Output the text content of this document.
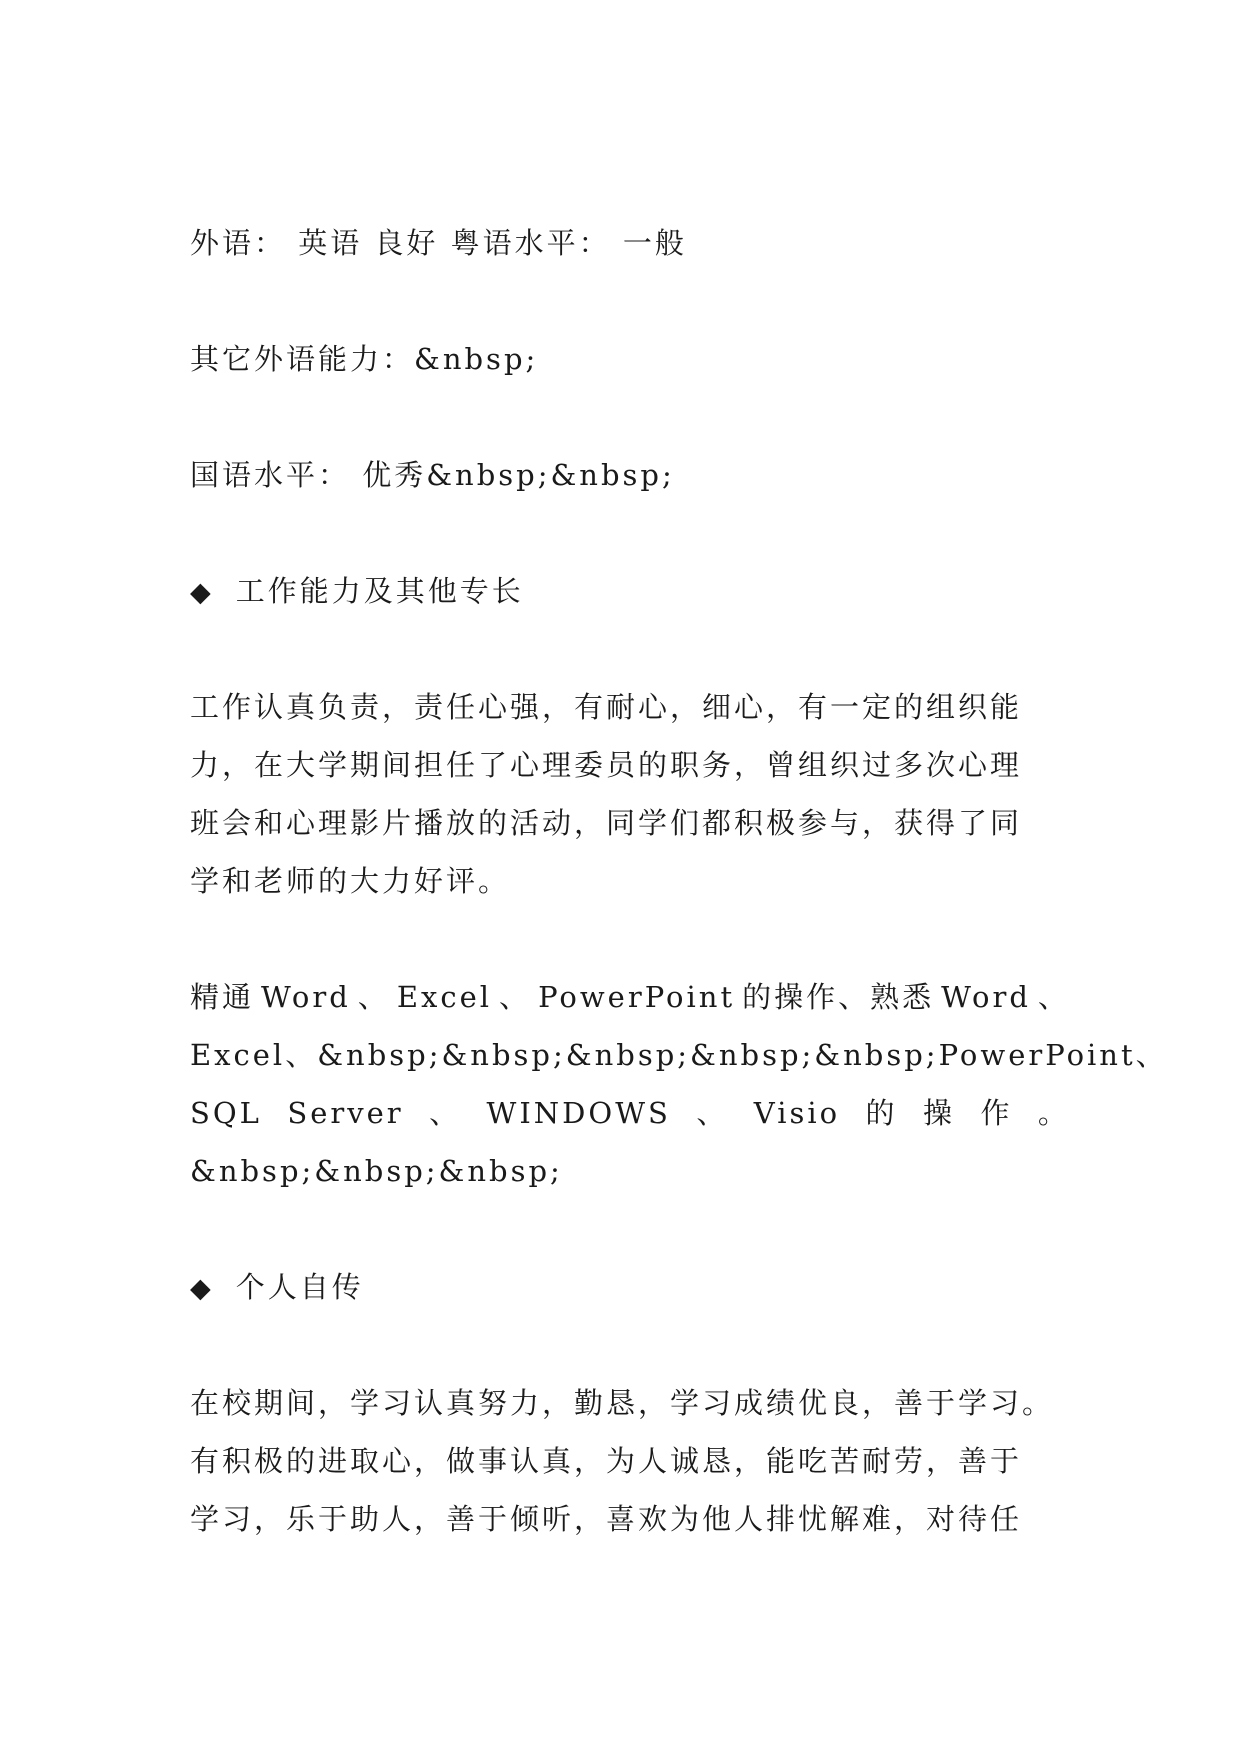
外语： 英语 良好 粤语水平： 一般
其它外语能力：&nbsp;
国语水平： 优秀&nbsp;&nbsp;
◆ 工作能力及其他专长
工作认真负责，责任心强，有耐心，细心，有一定的组织能
力，在大学期间担任了心理委员的职务，曾组织过多次心理
班会和心理影片播放的活动，同学们都积极参与，获得了同
学和老师的大力好评。
精通 Word 、 Excel 、 PowerPoint 的操作、熟悉 Word 、
Excel 、 &nbsp;&nbsp;&nbsp;&nbsp;&nbsp; PowerPoint 、
SQL Server 、 WINDOWS 、 Visio 的 操 作 。
&nbsp;&nbsp;&nbsp;
◆ 个人自传
在校期间，学习认真努力，勤恳，学习成绩优良，善于学习。
有积极的进取心，做事认真，为人诚恳，能吃苦耐劳，善于
学习，乐于助人，善于倾听，喜欢为他人排忧解难，对待任
